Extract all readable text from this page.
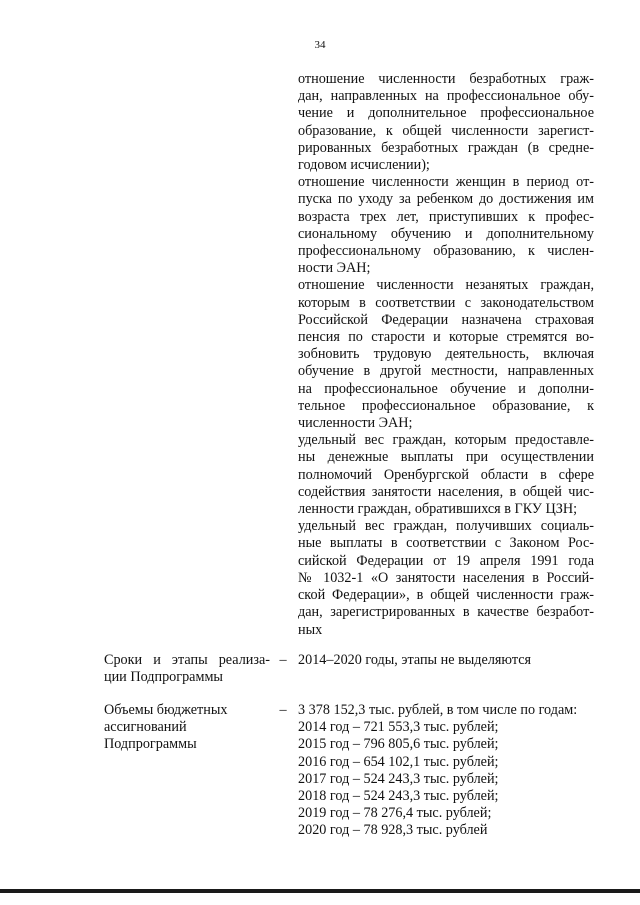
34
отношение численности безработных граж-
дан, направленных на профессиональное обу-
чение и дополнительное профессиональное
образование, к общей численности зарегист-
рированных безработных граждан (в средне-
годовом исчислении);
отношение численности женщин в период от-
пуска по уходу за ребенком до достижения им
возраста трех лет, приступивших к профес-
сиональному обучению и дополнительному
профессиональному образованию, к числен-
ности ЭАН;
отношение численности незанятых граждан,
которым в соответствии с законодательством
Российской Федерации назначена страховая
пенсия по старости и которые стремятся во-
зобновить трудовую деятельность, включая
обучение в другой местности, направленных
на профессиональное обучение и дополни-
тельное профессиональное образование, к
численности ЭАН;
удельный вес граждан, которым предоставле-
ны денежные выплаты при осуществлении
полномочий Оренбургской области в сфере
содействия занятости населения, в общей чис-
ленности граждан, обратившихся в ГКУ ЦЗН;
удельный вес граждан, получивших социаль-
ные выплаты в соответствии с Законом Рос-
сийской Федерации от 19 апреля 1991 года
№ 1032-1 «О занятости населения в Россий-
ской Федерации», в общей численности граж-
дан, зарегистрированных в качестве безработ-
ных
Сроки и этапы реализа-
ции Подпрограммы
– 2014–2020 годы, этапы не выделяются
Объемы бюджетных
ассигнований
Подпрограммы
– 3 378 152,3 тыс. рублей, в том числе по годам:
2014 год – 721 553,3 тыс. рублей;
2015 год – 796 805,6 тыс. рублей;
2016 год – 654 102,1 тыс. рублей;
2017 год – 524 243,3 тыс. рублей;
2018 год – 524 243,3 тыс. рублей;
2019 год – 78 276,4 тыс. рублей;
2020 год – 78 928,3 тыс. рублей
